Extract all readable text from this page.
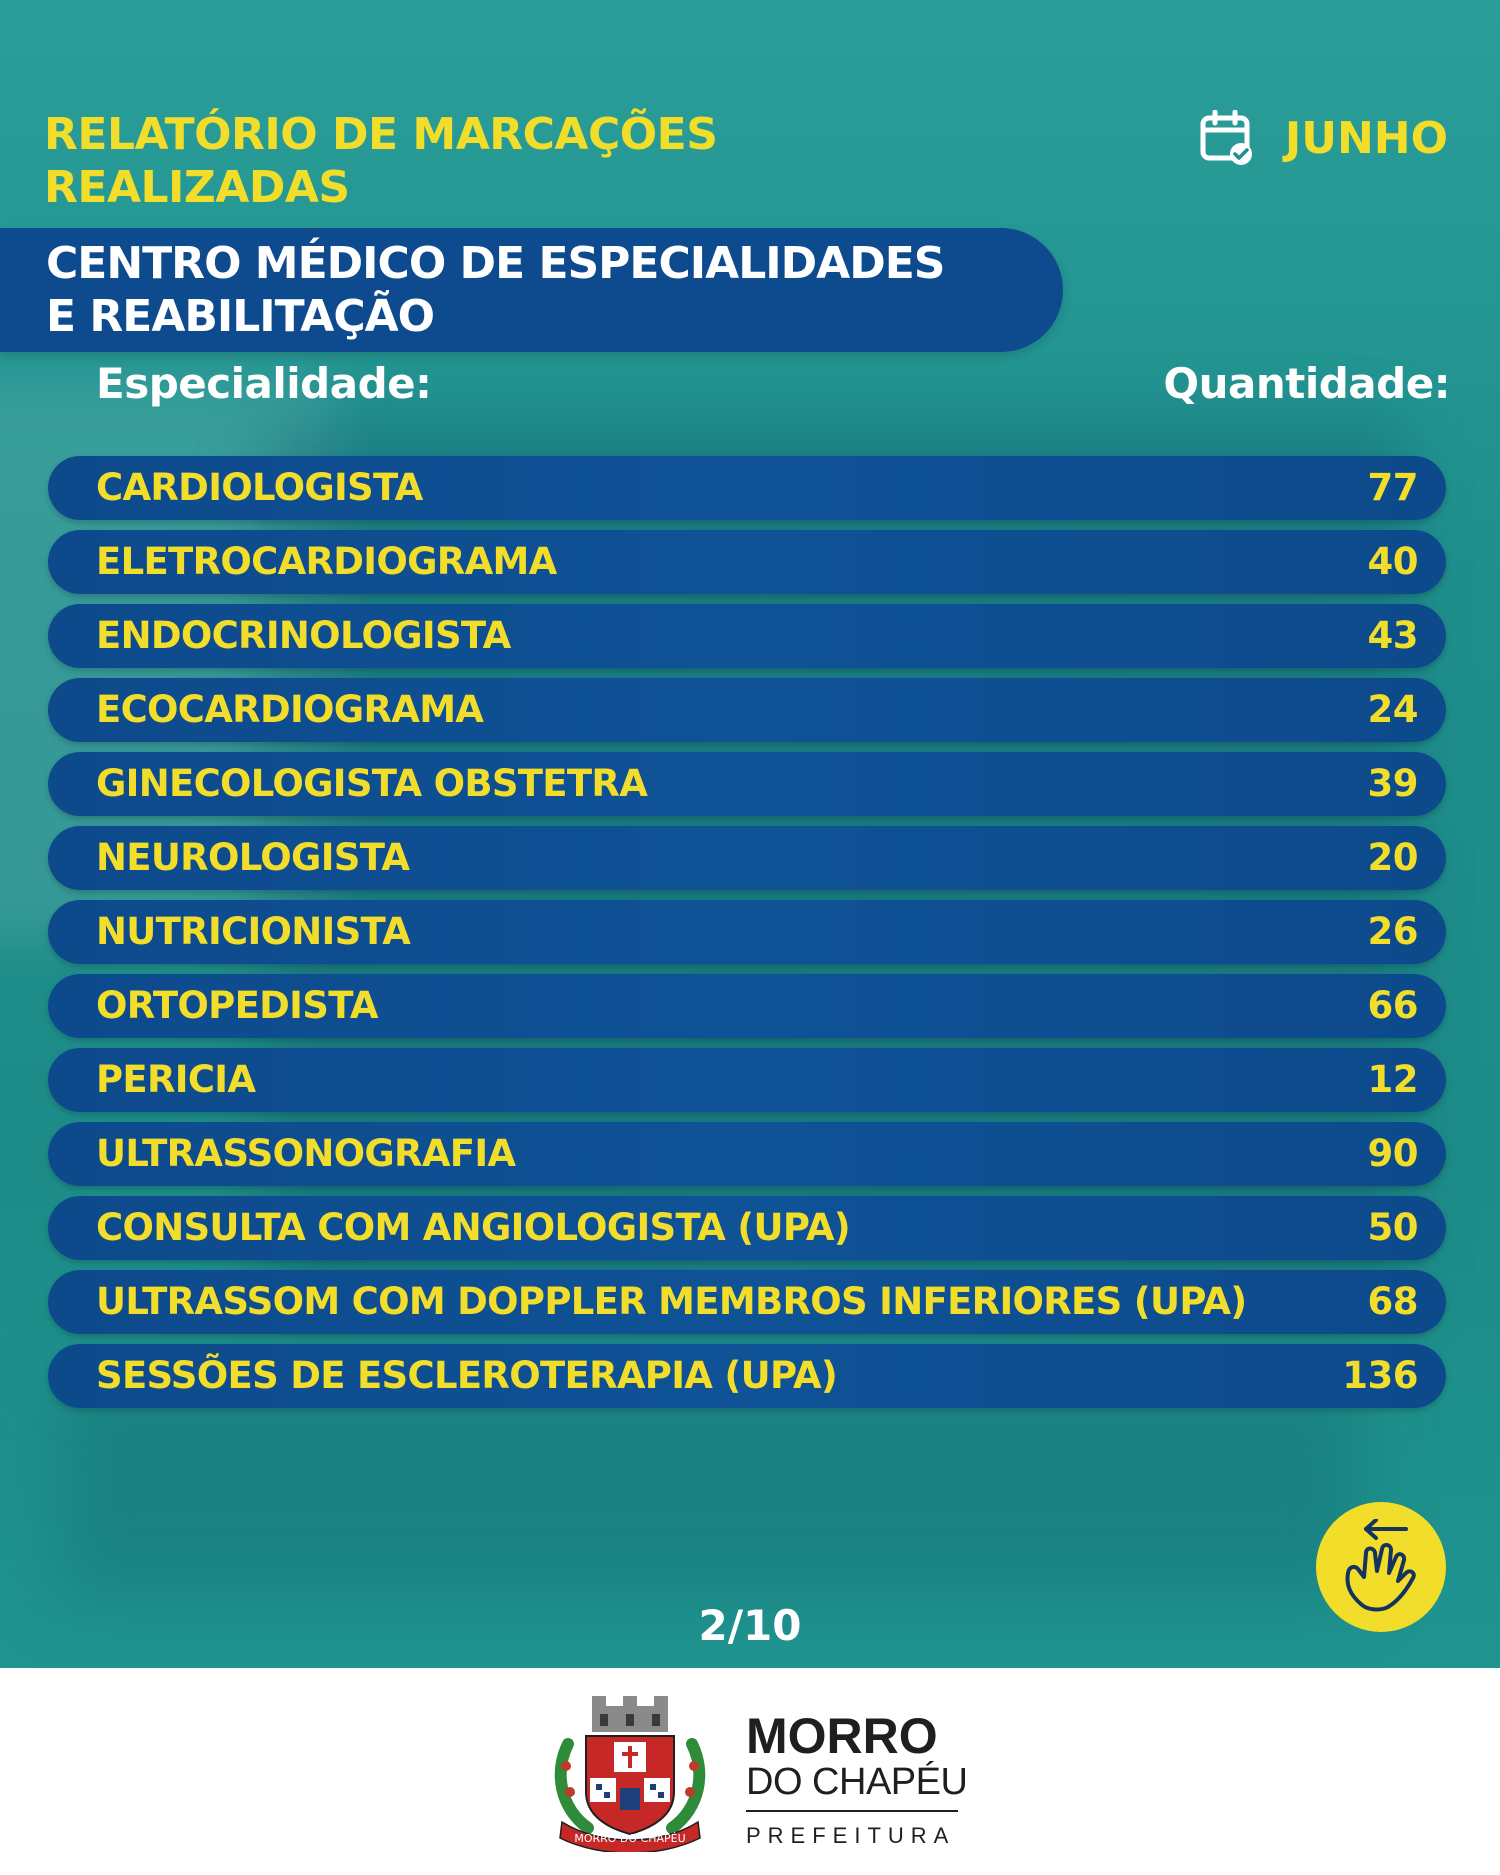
RELATÓRIO DE MARCAÇÕES
REALIZADAS
JUNHO
CENTRO MÉDICO DE ESPECIALIDADES
E REABILITAÇÃO
Especialidade:	Quantidade:
CARDIOLOGISTA	77
ELETROCARDIOGRAMA	40
ENDOCRINOLOGISTA	43
ECOCARDIOGRAMA	24
GINECOLOGISTA OBSTETRA	39
NEUROLOGISTA	20
NUTRICIONISTA	26
ORTOPEDISTA	66
PERICIA	12
ULTRASSONOGRAFIA	90
CONSULTA COM ANGIOLOGISTA (UPA)	50
ULTRASSOM COM DOPPLER MEMBROS INFERIORES (UPA)	68
SESSÕES DE ESCLEROTERAPIA (UPA)	136
2/10
MORRO DO CHAPÉU
MORRO
DO CHAPÉU
PREFEITURA
